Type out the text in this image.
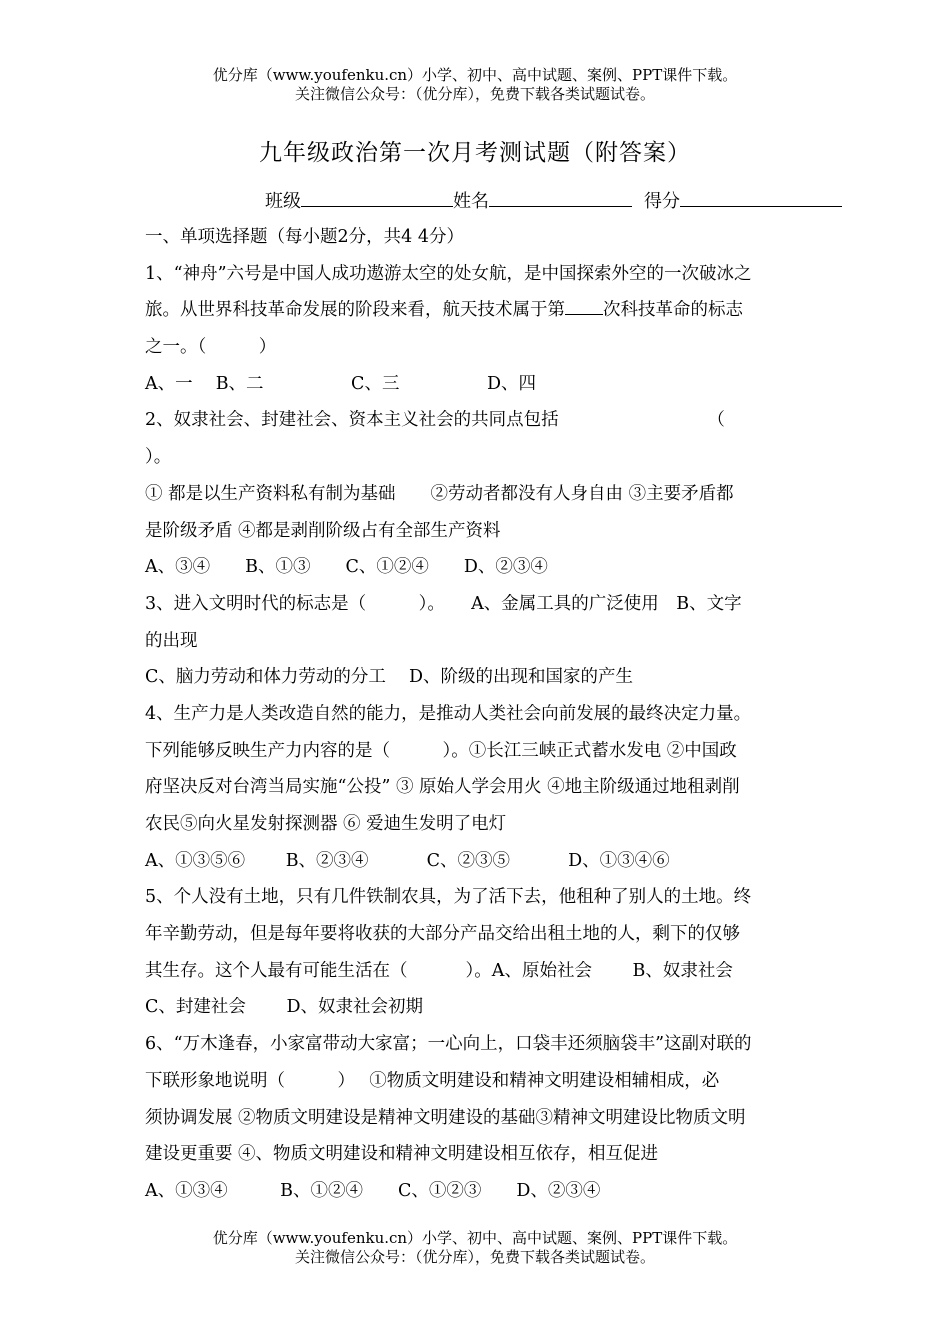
优分库（www.youfenku.cn）小学、初中、高中试题、案例、PPT课件下载。
关注微信公众号：（优分库），免费下载各类试题试卷。
九年级政治第一次月考测试题（附答案）
班级	姓名	得分
一、单项选择题（每小题2分，共4 4分）
1、“神舟”六号是中国人成功遨游太空的处女航，是中国探索外空的一次破冰之
旅。从世界科技革命发展的阶段来看，航天技术属于第 次科技革命的标志
之一。（　　　）
A、一　 B、二　　　　　C、三　　　　　D、四
2、奴隶社会、封建社会、资本主义社会的共同点包括　　　　　　　　　（
）。
① 都是以生产资料私有制为基础　　②劳动者都没有人身自由 ③主要矛盾都
是阶级矛盾 ④都是剥削阶级占有全部生产资料
A、③④　　B、①③　　C、①②④　　D、②③④
3、进入文明时代的标志是（　　　）。　　A、金属工具的广泛使用　B、文字
的出现
C、脑力劳动和体力劳动的分工　 D、阶级的出现和国家的产生
4、生产力是人类改造自然的能力，是推动人类社会向前发展的最终决定力量。
下列能够反映生产力内容的是（　　　）。①长江三峡正式蓄水发电 ②中国政
府坚决反对台湾当局实施“公投” ③ 原始人学会用火 ④地主阶级通过地租剥削
农民⑤向火星发射探测器 ⑥ 爱迪生发明了电灯
A、①③⑤⑥　　 B、②③④　　　 C、②③⑤　　　 D、①③④⑥
5、个人没有土地，只有几件铁制农具，为了活下去，他租种了别人的土地。终
年辛勤劳动，但是每年要将收获的大部分产品交给出租土地的人，剩下的仅够
其生存。这个人最有可能生活在（　　　 ）。A、原始社会　　 B、奴隶社会
C、封建社会　　 D、奴隶社会初期
6、“万木逢春，小家富带动大家富；一心向上，口袋丰还须脑袋丰”这副对联的
下联形象地说明（　　　）　 ①物质文明建设和精神文明建设相辅相成，必
须协调发展 ②物质文明建设是精神文明建设的基础③精神文明建设比物质文明
建设更重要 ④、物质文明建设和精神文明建设相互依存，相互促进
A、①③④　　　B、①②④　　C、①②③　　D、②③④
优分库（www.youfenku.cn）小学、初中、高中试题、案例、PPT课件下载。
关注微信公众号：（优分库），免费下载各类试题试卷。
